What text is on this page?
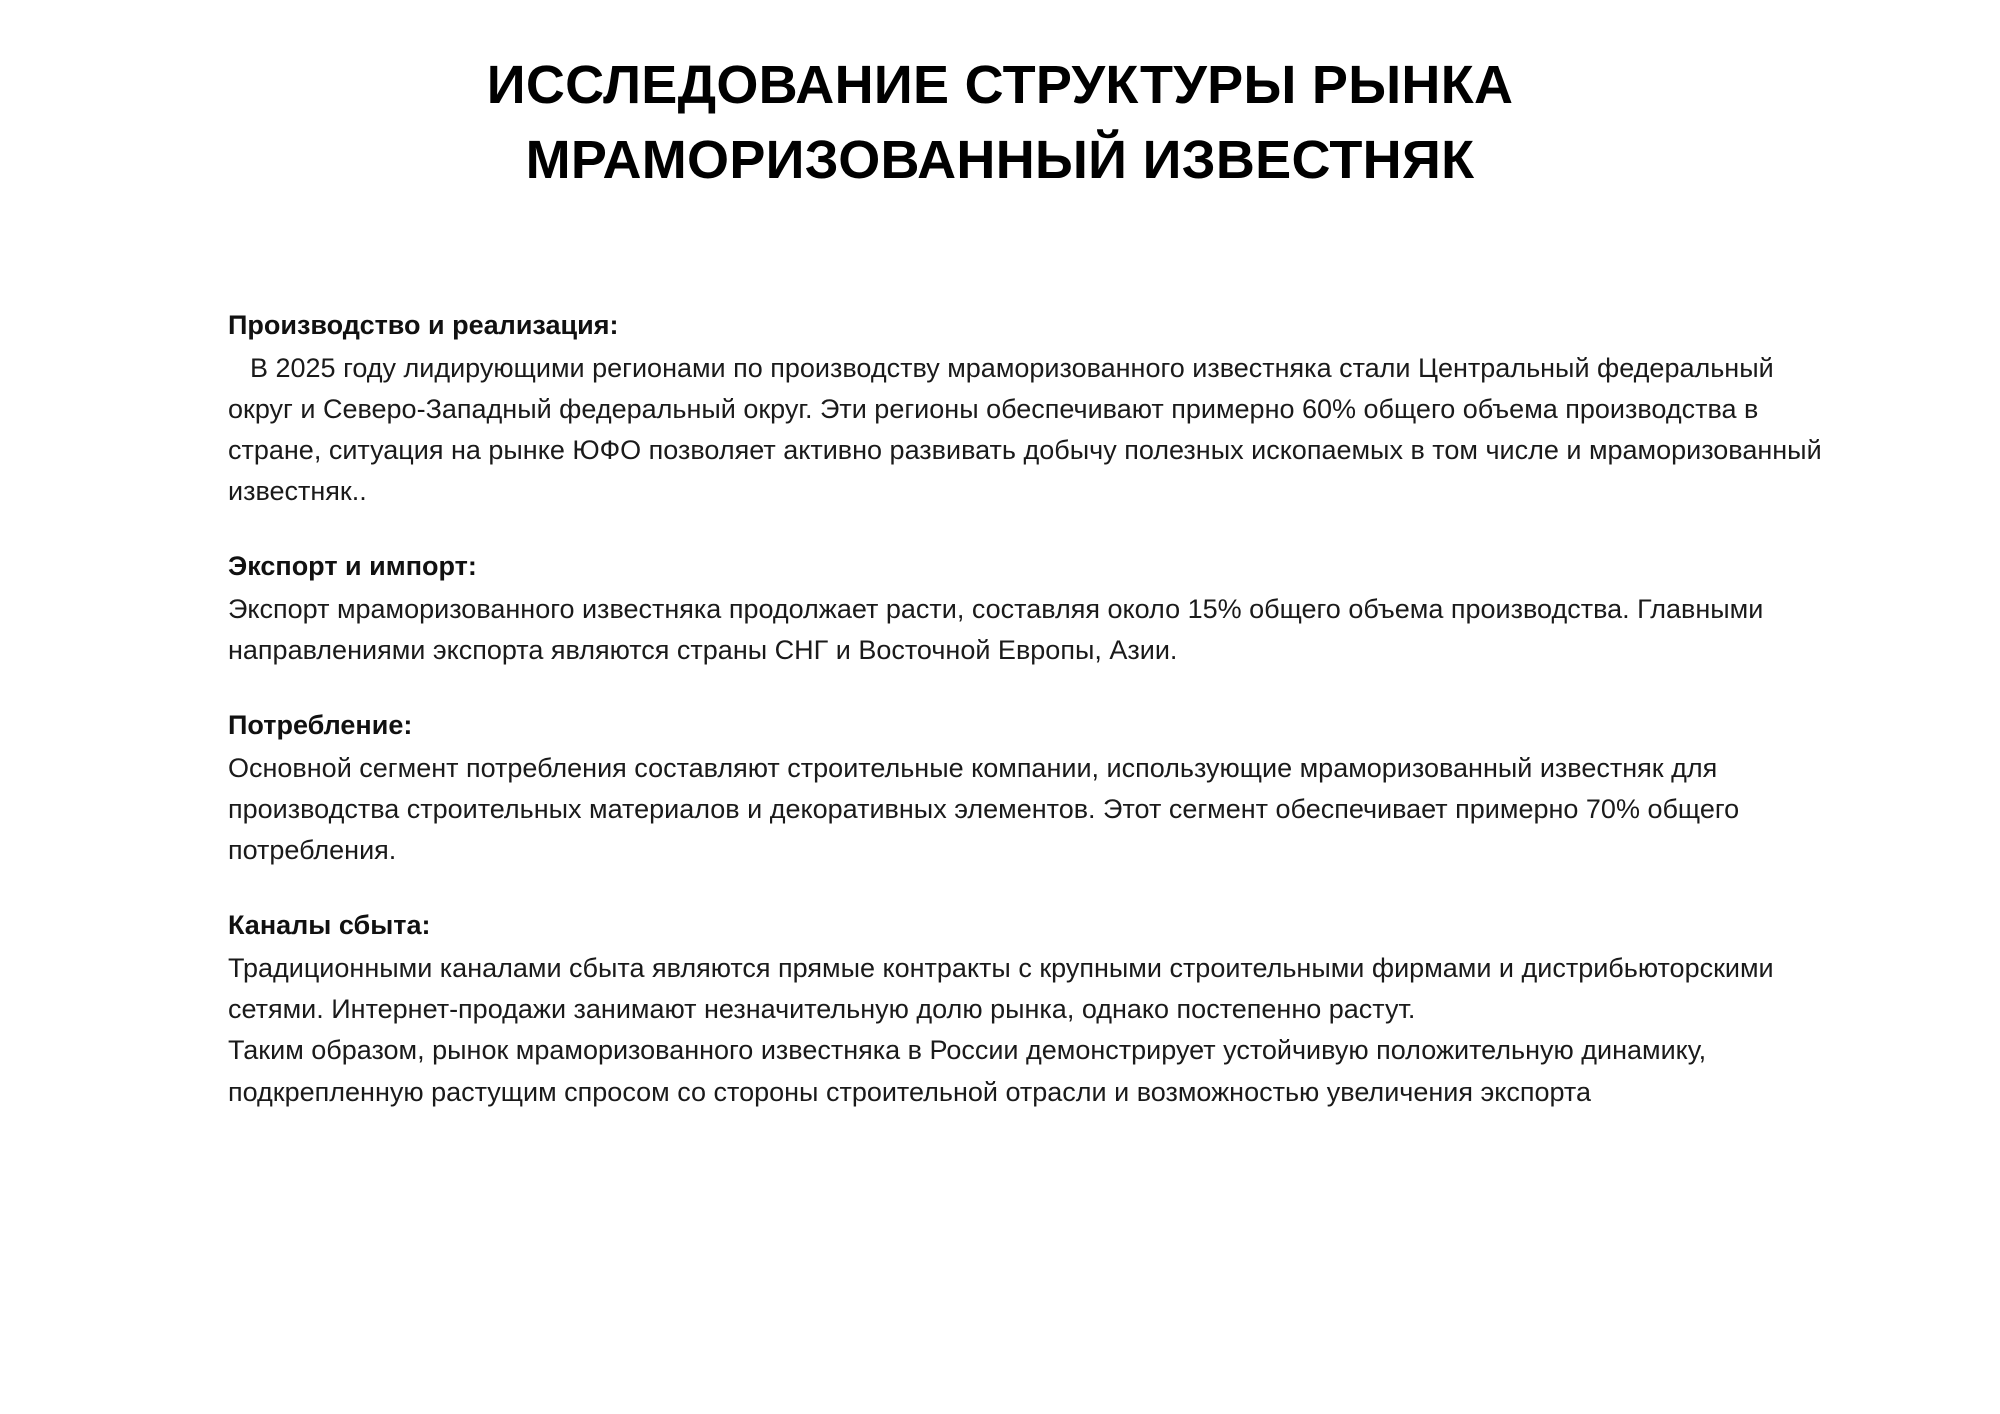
ИССЛЕДОВАНИЕ СТРУКТУРЫ РЫНКА
МРАМОРИЗОВАННЫЙ ИЗВЕСТНЯК
Производство и реализация:

В 2025 году лидирующими регионами по производству мраморизованного известняка стали Центральный федеральный округ и Северо-Западный федеральный округ. Эти регионы обеспечивают примерно 60% общего объема производства в стране, ситуация на рынке ЮФО позволяет активно развивать добычу полезных ископаемых в том числе и мраморизованный известняк..

Экспорт и импорт:

Экспорт мраморизованного известняка продолжает расти, составляя около 15% общего объема производства. Главными направлениями экспорта являются страны СНГ и Восточной Европы, Азии.

Потребление:

Основной сегмент потребления составляют строительные компании, использующие мраморизованный известняк для производства строительных материалов и декоративных элементов. Этот сегмент обеспечивает примерно 70% общего потребления.

Каналы сбыта:

Традиционными каналами сбыта являются прямые контракты с крупными строительными фирмами и дистрибьюторскими сетями. Интернет-продажи занимают незначительную долю рынка, однако постепенно растут.

Таким образом, рынок мраморизованного известняка в России демонстрирует устойчивую положительную динамику, подкрепленную растущим спросом со стороны строительной отрасли и возможностью увеличения экспорта
